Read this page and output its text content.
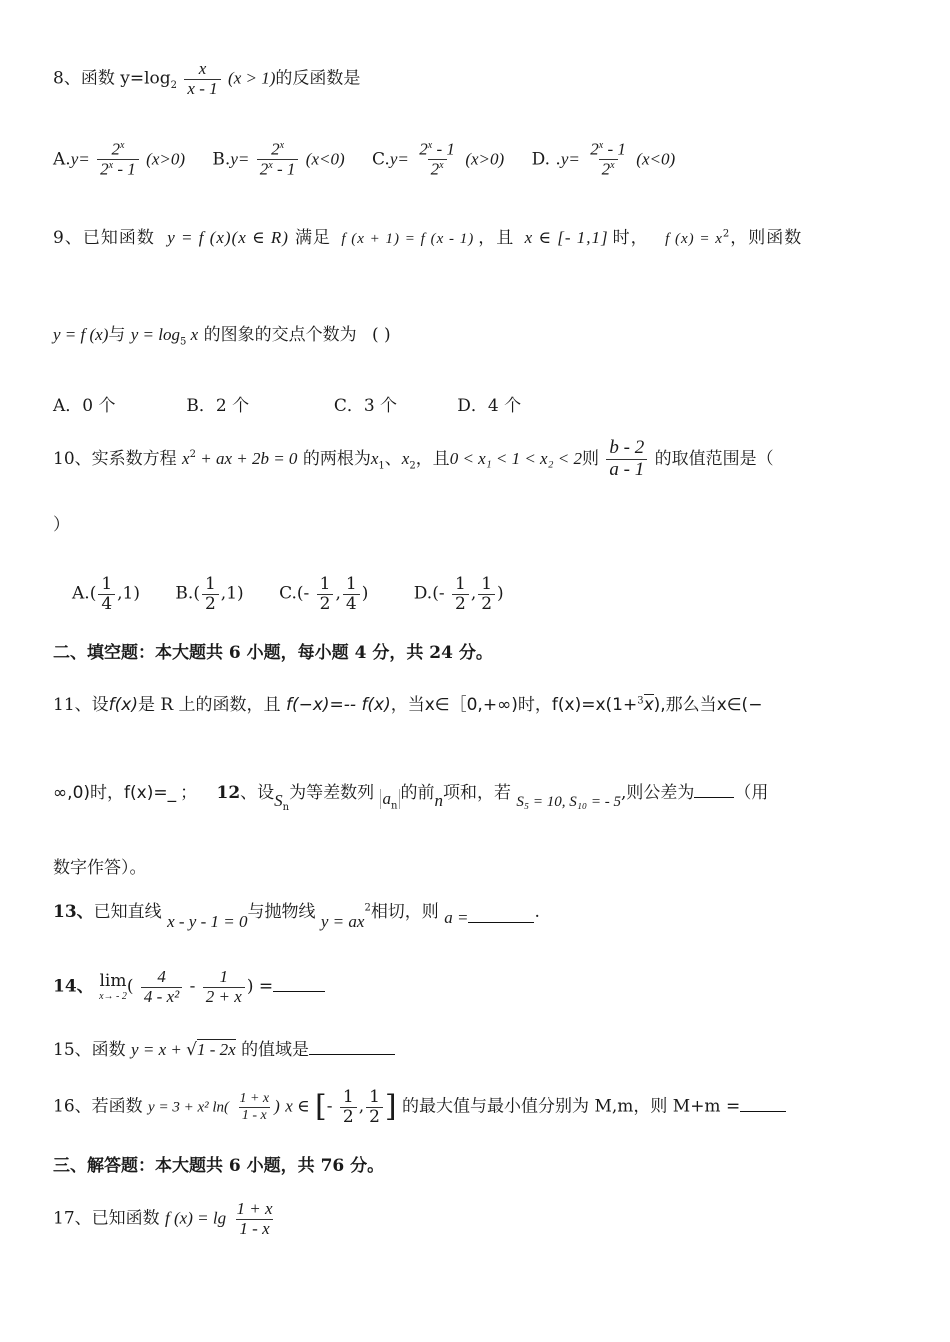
8、函数 $y=\log_2 \frac{x}{x - 1} (x > 1)$的反函数是
$A.y= \frac{2^x}{2^x - 1} (x>0)$ $B.y= \frac{2^x}{2^x - 1} (x<0)$ $C.y= \frac{2^x - 1}{2^x} (x>0)$ D. $.y= \frac{2^x - 1}{2^x} (x<0)$
9、已知函数 y = f (x)(x ∈ R) 满足 f (x + 1) = f (x - 1) ，且 x ∈ [- 1,1] 时， f $(x) = x^2$，则函数
y = f (x)与 $y = \log_5 x$ 的图象的交点个数为 ( )
A．0 个	B．2 个	C．3 个	D．4 个
10、实系数方程 $x^2$ + ax + 2b = 0 的两根为$x_1$、$x_2$，且0 < x₁ < 1 < x₂ < 2则 $\frac{b - 2}{a - 1}$ 的取值范围是（
）
$A.( \frac{1}{4} ,1)$ $B.( \frac{1}{2} ,1)$ $C.(- \frac{1}{2}$ , $\frac{1}{4}$ )	$D.(- \frac{1}{2}$ , $\frac{1}{2}$ )
二、填空题：本大题共 6 小题，每小题 4 分，共 24 分。
11、设f(x)是 R 上的函数，且 f(−x)=-- f(x)，当x∈［0,+∞)时，f(x)=x(1+$^3$x),那么当x∈(−
∞,0)时，f(x)=_ ； 12、设$S_n$为等差数列 $a_n$的前n项和，若 S₅ = 10, S₁₀ = - 5,则公差为 （用
数字作答）。
13、已知直线 x - y - 1 = 0与抛物线 $y = ax^2$相切，则 a =	.
14、 lim
x→ - 2
( $\frac{4}{\text{4 - x²}} - \frac{1}{2 + x}$ ) =
15、函数 y = x + √1 - 2x 的值域是
16、若函数 y = 3 + x² $\ln( \frac{1 + x}{1 - x}$ ) x ∈ [- $\frac{1}{2}$ , $\frac{1}{2}$ ] 的最大值与最小值分别为 M,m，则 M+m =
三、解答题：本大题共 6 小题，共 76 分。
17、已知函数 f $(x) = \lg \frac{1 + x}{1 - x}$
